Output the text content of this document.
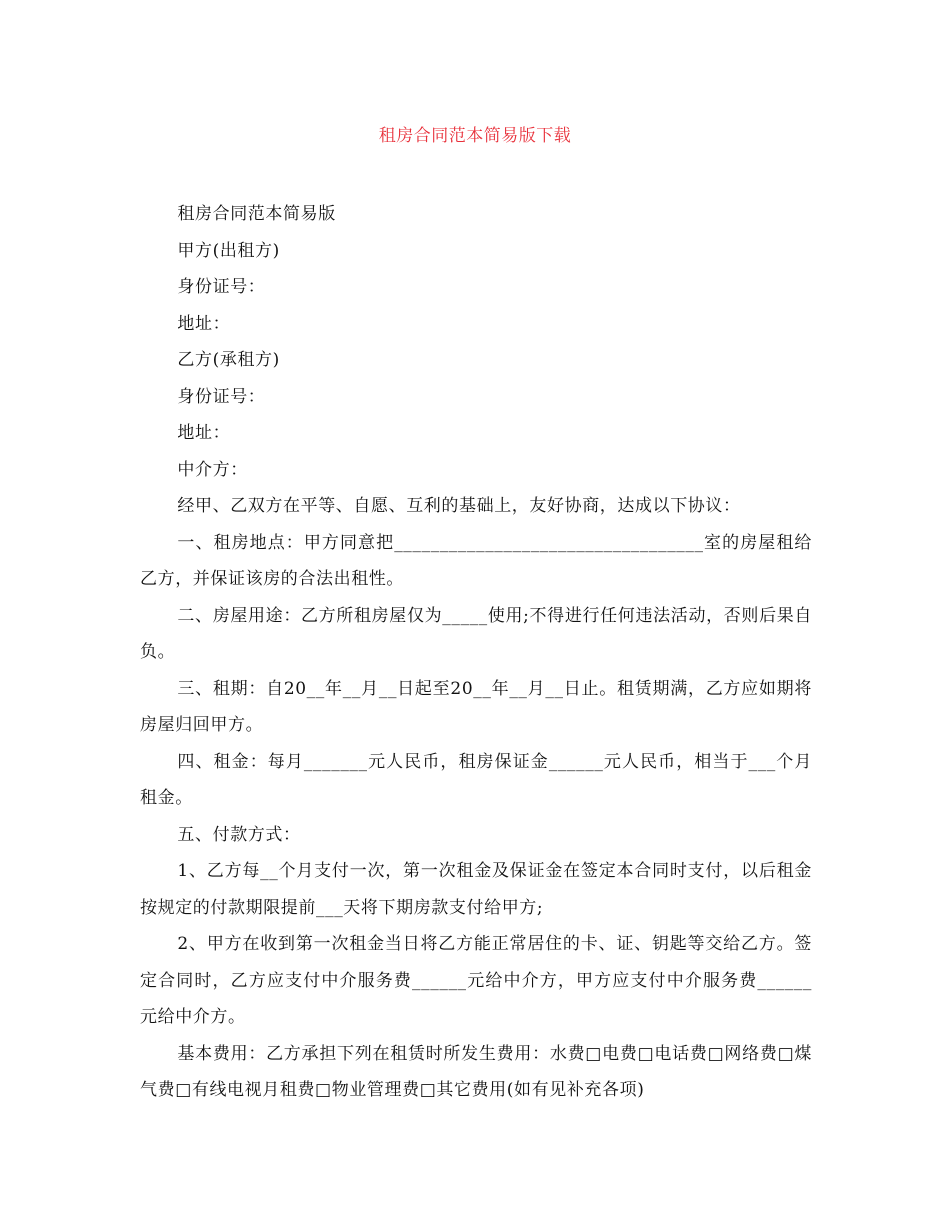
租房合同范本简易版下载

租房合同范本简易版

甲方(出租方)

身份证号：

地址：

乙方(承租方)

身份证号：

地址：

中介方：

经甲、乙双方在平等、自愿、互利的基础上，友好协商，达成以下协议：

一、租房地点：甲方同意把__________________________________室的房屋租给乙方，并保证该房的合法出租性。

二、房屋用途：乙方所租房屋仅为_____使用;不得进行任何违法活动，否则后果自负。

三、租期：自20__年__月__日起至20__年__月__日止。租赁期满，乙方应如期将房屋归回甲方。

四、租金：每月_______元人民币，租房保证金______元人民币，相当于___个月租金。

五、付款方式：

1、乙方每__个月支付一次，第一次租金及保证金在签定本合同时支付，以后租金按规定的付款期限提前___天将下期房款支付给甲方;

2、甲方在收到第一次租金当日将乙方能正常居住的卡、证、钥匙等交给乙方。签定合同时，乙方应支付中介服务费______元给中介方，甲方应支付中介服务费______元给中介方。

基本费用：乙方承担下列在租赁时所发生费用：水费□电费□电话费□网络费□煤气费□有线电视月租费□物业管理费□其它费用(如有见补充各项)
